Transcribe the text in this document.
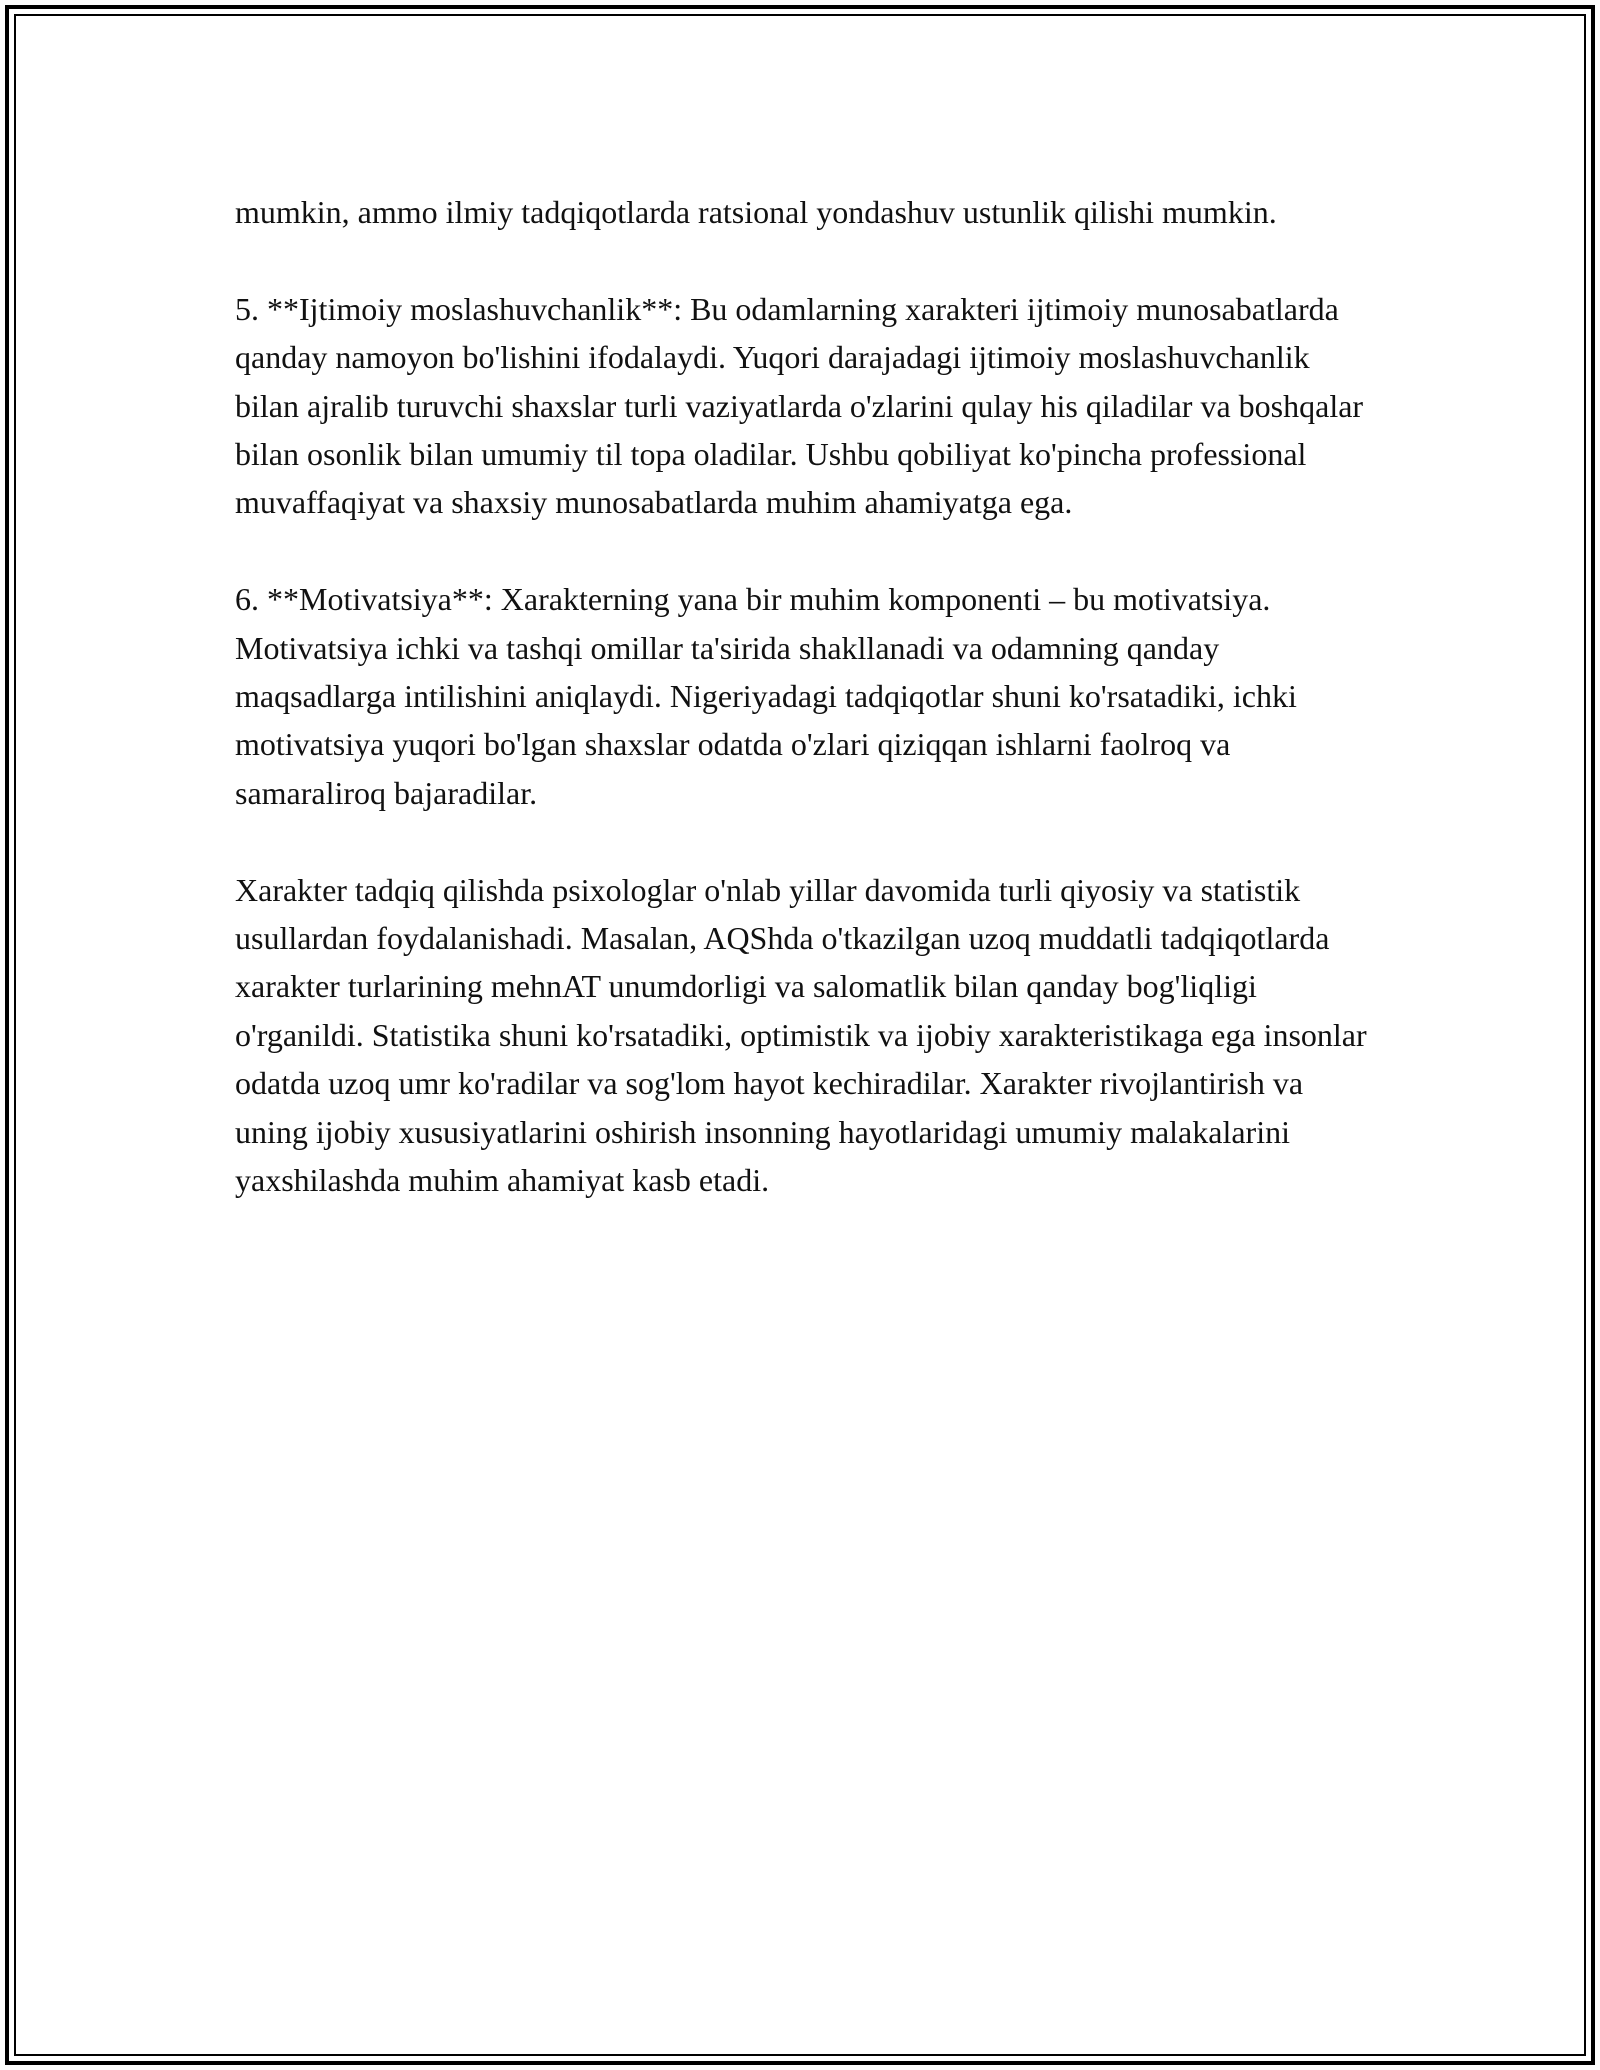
mumkin, ammo ilmiy tadqiqotlarda ratsional yondashuv ustunlik qilishi mumkin.

5. **Ijtimoiy moslashuvchanlik**: Bu odamlarning xarakteri ijtimoiy munosabatlarda qanday namoyon bo'lishini ifodalaydi. Yuqori darajadagi ijtimoiy moslashuvchanlik bilan ajralib turuvchi shaxslar turli vaziyatlarda o'zlarini qulay his qiladilar va boshqalar bilan osonlik bilan umumiy til topa oladilar. Ushbu qobiliyat ko'pincha professional muvaffaqiyat va shaxsiy munosabatlarda muhim ahamiyatga ega.

6. **Motivatsiya**: Xarakterning yana bir muhim komponenti – bu motivatsiya. Motivatsiya ichki va tashqi omillar ta'sirida shakllanadi va odamning qanday maqsadlarga intilishini aniqlaydi. Nigeriyadagi tadqiqotlar shuni ko'rsatadiki, ichki motivatsiya yuqori bo'lgan shaxslar odatda o'zlari qiziqqan ishlarni faolroq va samaraliroq bajaradilar.

Xarakter tadqiq qilishda psixologlar o'nlab yillar davomida turli qiyosiy va statistik usullardan foydalanishadi. Masalan, AQShda o'tkazilgan uzoq muddatli tadqiqotlarda xarakter turlarining mehnAT unumdorligi va salomatlik bilan qanday bog'liqligi o'rganildi. Statistika shuni ko'rsatadiki, optimistik va ijobiy xarakteristikaga ega insonlar odatda uzoq umr ko'radilar va sog'lom hayot kechiradilar. Xarakter rivojlantirish va uning ijobiy xususiyatlarini oshirish insonning hayotlaridagi umumiy malakalarini yaxshilashda muhim ahamiyat kasb etadi.
